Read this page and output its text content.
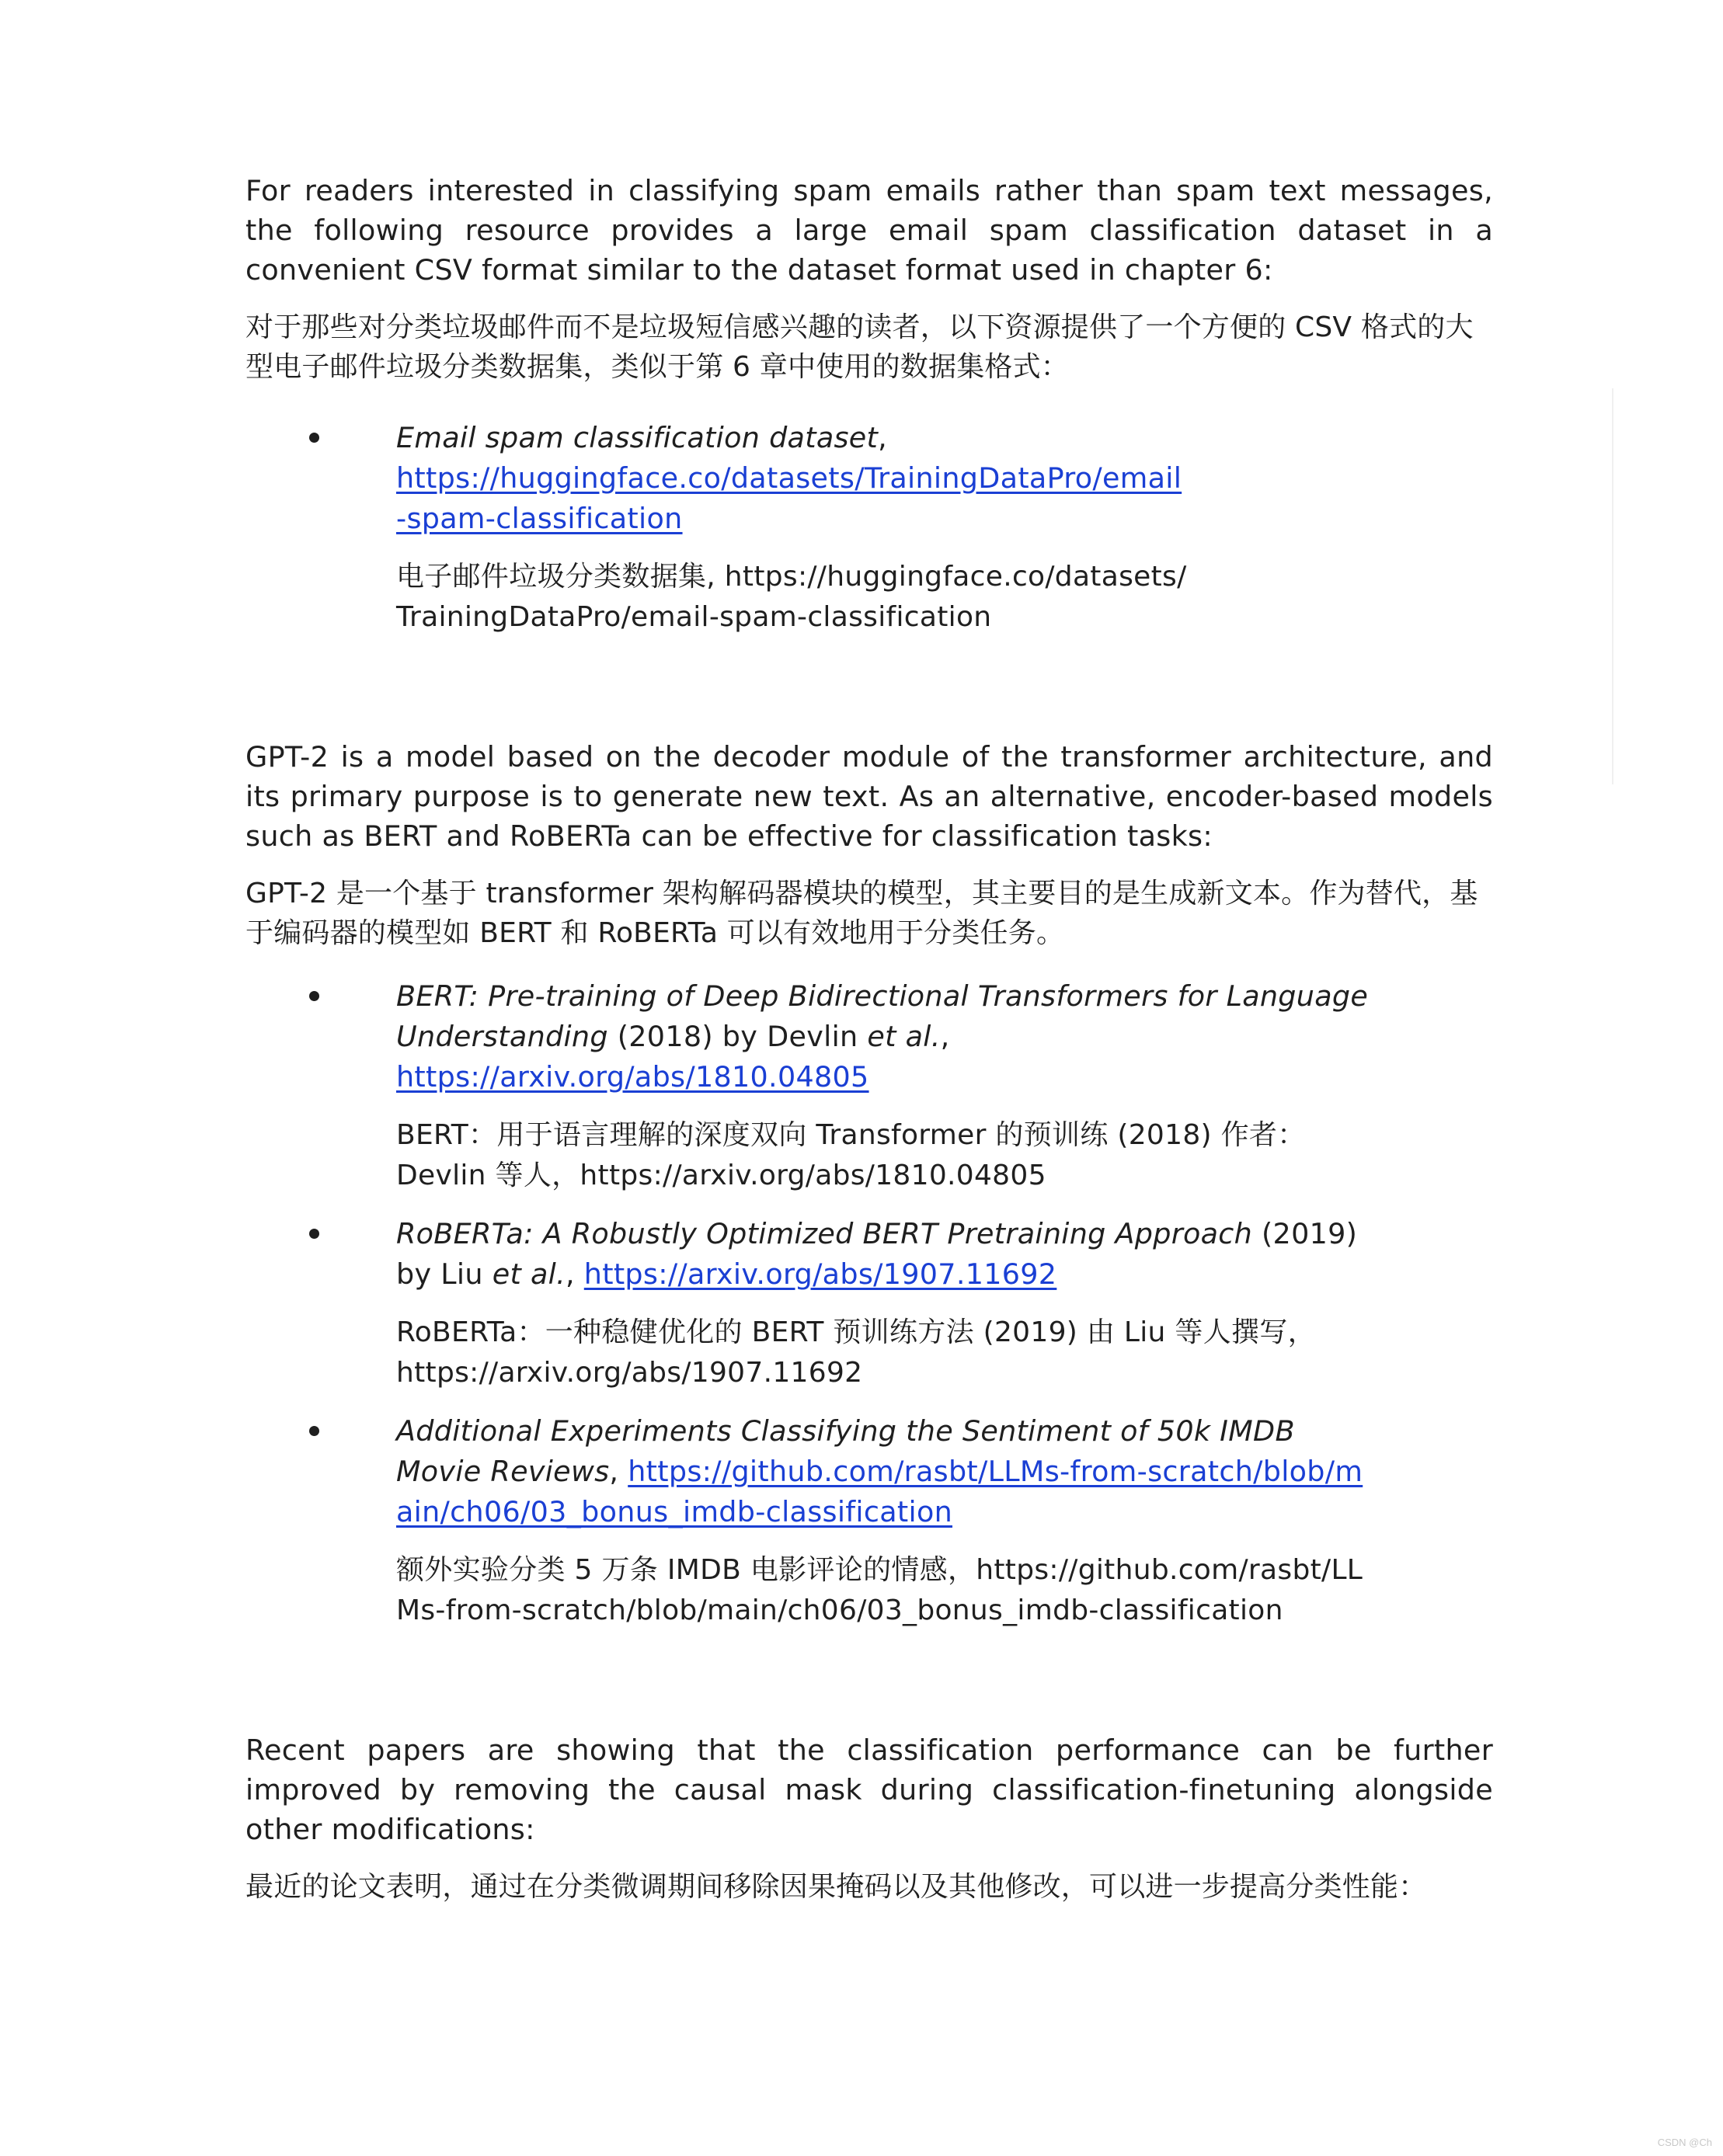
For readers interested in classifying spam emails rather than spam text messages, the following resource provides a large email spam classification dataset in a convenient CSV format similar to the dataset format used in chapter 6:

对于那些对分类垃圾邮件而不是垃圾短信感兴趣的读者，以下资源提供了一个方便的 CSV 格式的大型电子邮件垃圾分类数据集，类似于第 6 章中使用的数据集格式：

Email spam classification dataset,
https://huggingface.co/datasets/TrainingDataPro/email-spam-classification
电子邮件垃圾分类数据集, https://huggingface.co/datasets/TrainingDataPro/email-spam-classification

GPT-2 is a model based on the decoder module of the transformer architecture, and its primary purpose is to generate new text. As an alternative, encoder-based models such as BERT and RoBERTa can be effective for classification tasks:

GPT-2 是一个基于 transformer 架构解码器模块的模型，其主要目的是生成新文本。作为替代，基于编码器的模型如 BERT 和 RoBERTa 可以有效地用于分类任务。

BERT: Pre-training of Deep Bidirectional Transformers for Language Understanding (2018) by Devlin et al., https://arxiv.org/abs/1810.04805
BERT：用于语言理解的深度双向 Transformer 的预训练 (2018) 作者：Devlin 等人，https://arxiv.org/abs/1810.04805
RoBERTa: A Robustly Optimized BERT Pretraining Approach (2019) by Liu et al., https://arxiv.org/abs/1907.11692
RoBERTa：一种稳健优化的 BERT 预训练方法 (2019) 由 Liu 等人撰写，https://arxiv.org/abs/1907.11692
Additional Experiments Classifying the Sentiment of 50k IMDB Movie Reviews, https://github.com/rasbt/LLMs-from-scratch/blob/main/ch06/03_bonus_imdb-classification
额外实验分类 5 万条 IMDB 电影评论的情感，https://github.com/rasbt/LLMs-from-scratch/blob/main/ch06/03_bonus_imdb-classification

Recent papers are showing that the classification performance can be further improved by removing the causal mask during classification-finetuning alongside other modifications:

最近的论文表明，通过在分类微调期间移除因果掩码以及其他修改，可以进一步提高分类性能：

CSDN @Ch
